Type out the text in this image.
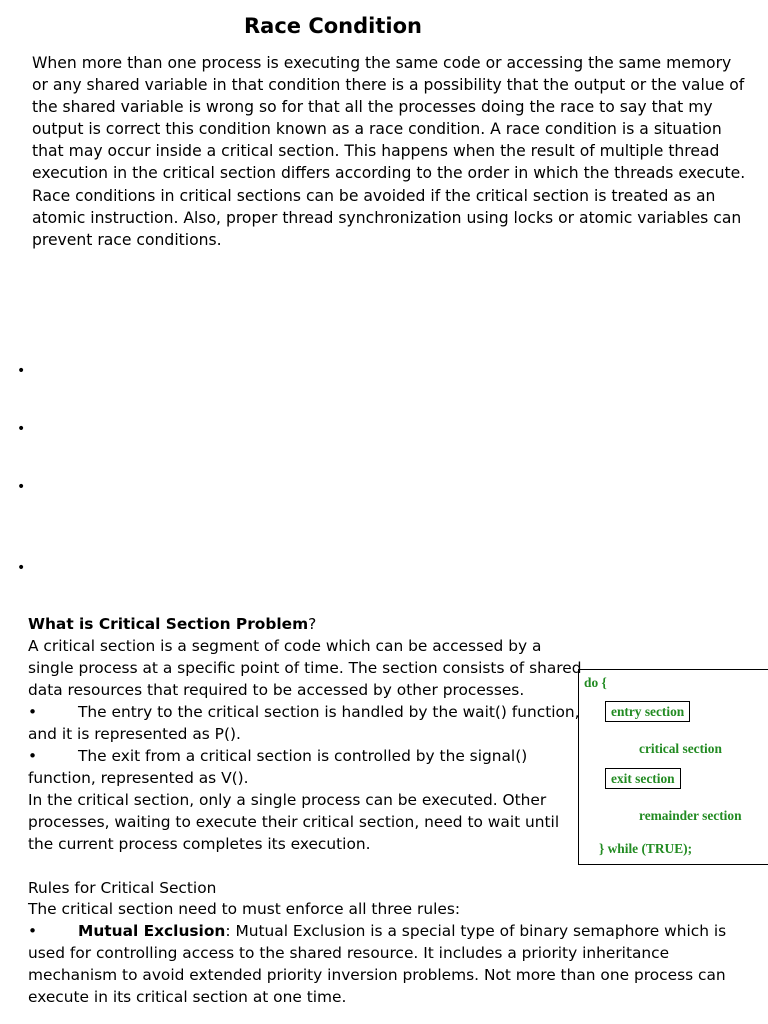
Race Condition
When more than one process is executing the same code or accessing the same memory or any shared variable in that condition there is a possibility that the output or the value of the shared variable is wrong so for that all the processes doing the race to say that my output is correct this condition known as a race condition. A race condition is a situation that may occur inside a critical section. This happens when the result of multiple thread execution in the critical section differs according to the order in which the threads execute. Race conditions in critical sections can be avoided if the critical section is treated as an atomic instruction. Also, proper thread synchronization using locks or atomic variables can prevent race conditions.
•
•
•
•
What is Critical Section Problem?
A critical section is a segment of code which can be accessed by a single process at a specific point of time. The section consists of shared data resources that required to be accessed by other processes.
•	The entry to the critical section is handled by the wait() function, and it is represented as P().
•	The exit from a critical section is controlled by the signal() function, represented as V().
In the critical section, only a single process can be executed. Other processes, waiting to execute their critical section, need to wait until the current process completes its execution.
Rules for Critical Section
The critical section need to must enforce all three rules:
•	Mutual Exclusion: Mutual Exclusion is a special type of binary semaphore which is used for controlling access to the shared resource. It includes a priority inheritance mechanism to avoid extended priority inversion problems. Not more than one process can execute in its critical section at one time.
do {
entry section
critical section
exit section
remainder section
} while (TRUE);
